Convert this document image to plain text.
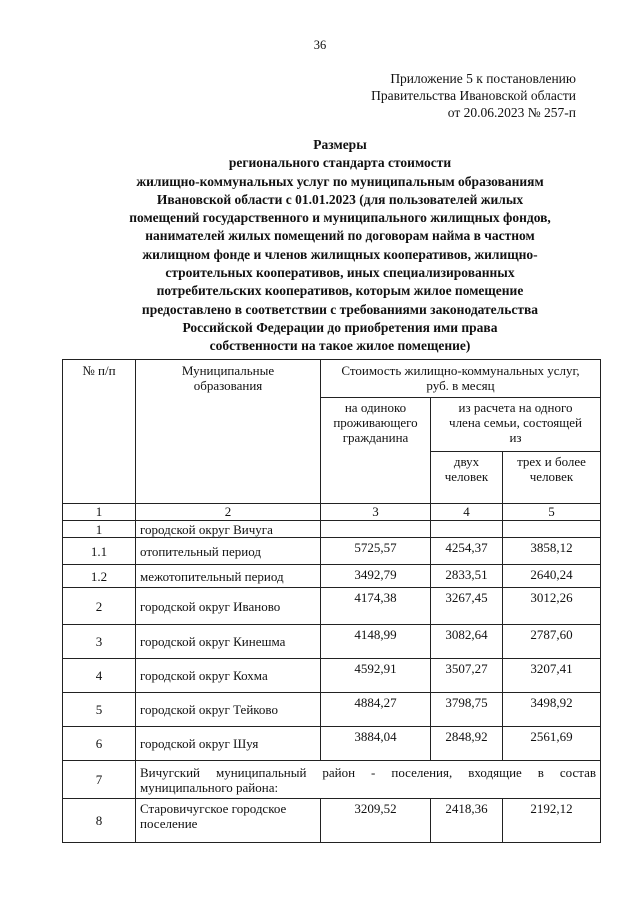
36
Приложение 5 к постановлению
Правительства Ивановской области
от 20.06.2023 № 257-п
Размеры
регионального стандарта стоимости
жилищно-коммунальных услуг по муниципальным образованиям
Ивановской области с 01.01.2023 (для пользователей жилых
помещений государственного и муниципального жилищных фондов,
нанимателей жилых помещений по договорам найма в частном
жилищном фонде и членов жилищных кооперативов, жилищно-
строительных кооперативов, иных специализированных
потребительских кооперативов, которым жилое помещение
предоставлено в соответствии с требованиями законодательства
Российской Федерации до приобретения ими права
собственности на такое жилое помещение)
№ п/п	Муниципальные образования	Стоимость жилищно-коммунальных услуг, руб. в месяц		
		на одиноко проживающего гражданина	из расчета на одного члена семьи, состоящей из	
			двух человек	трех и более человек
1	2	3	4	5
1	городской округ Вичуга			
1.1	отопительный период	5725,57	4254,37	3858,12
1.2	межотопительный период	3492,79	2833,51	2640,24
2	городской округ Иваново	4174,38	3267,45	3012,26
3	городской округ Кинешма	4148,99	3082,64	2787,60
4	городской округ Кохма	4592,91	3507,27	3207,41
5	городской округ Тейково	4884,27	3798,75	3498,92
6	городской округ Шуя	3884,04	2848,92	2561,69
7	Вичугский муниципальный район - поселения, входящие в состав
муниципального района:			

8	Старовичугское городское поселение	3209,52	2418,36	2192,12
